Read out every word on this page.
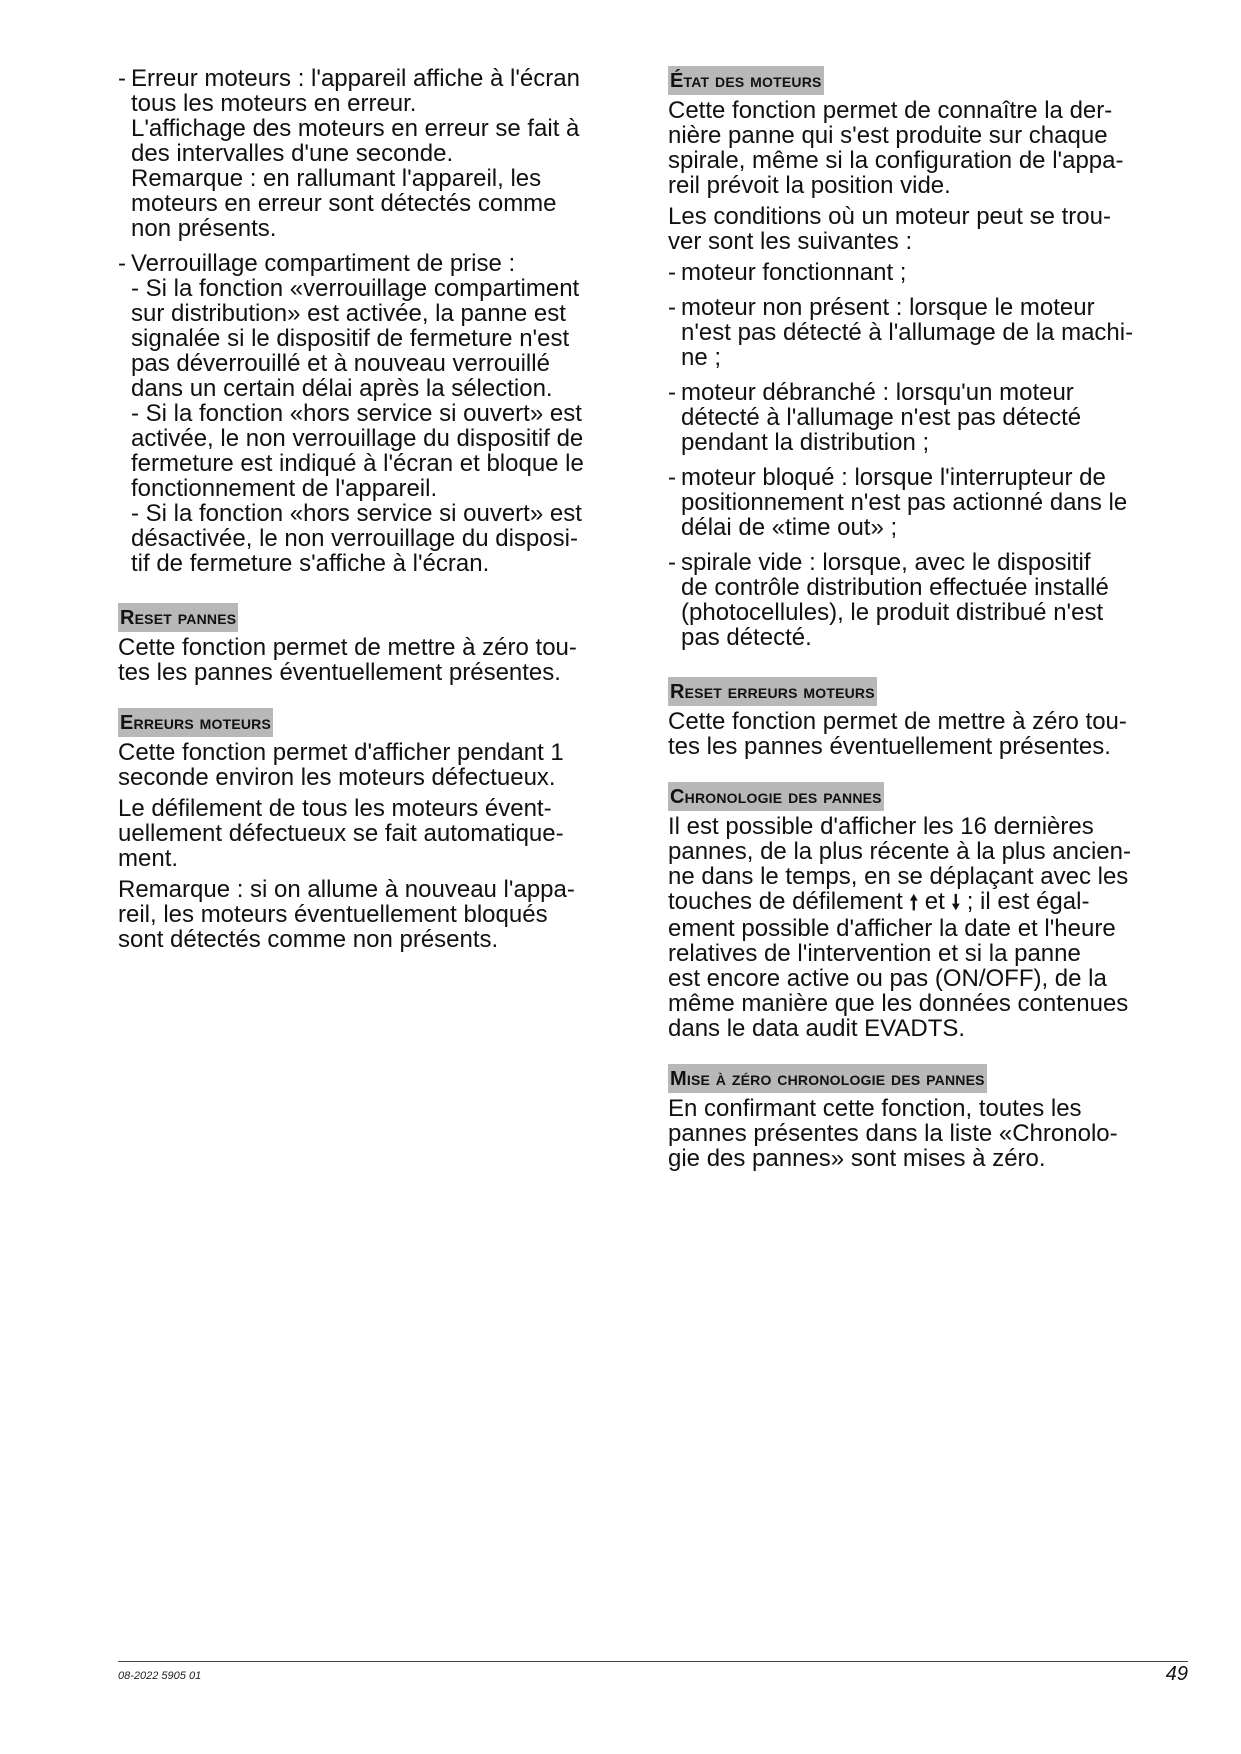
- Erreur moteurs : l'appareil affiche à l'écran
tous les moteurs en erreur.
L'affichage des moteurs en erreur se fait à
des intervalles d'une seconde.
Remarque : en rallumant l'appareil, les
moteurs en erreur sont détectés comme
non présents.
- Verrouillage compartiment de prise :
- Si la fonction «verrouillage compartiment
sur distribution» est activée, la panne est
signalée si le dispositif de fermeture n'est
pas déverrouillé et à nouveau verrouillé
dans un certain délai après la sélection.
- Si la fonction «hors service si ouvert» est
activée, le non verrouillage du dispositif de
fermeture est indiqué à l'écran et bloque le
fonctionnement de l'appareil.
- Si la fonction «hors service si ouvert» est
désactivée, le non verrouillage du disposi-
tif de fermeture s'affiche à l'écran.
Reset pannes
Cette fonction permet de mettre à zéro tou-
tes les pannes éventuellement présentes.
Erreurs moteurs
Cette fonction permet d'afficher pendant 1
seconde environ les moteurs défectueux.
Le défilement de tous les moteurs évent-
uellement défectueux se fait automatique-
ment.
Remarque : si on allume à nouveau l'appa-
reil, les moteurs éventuellement bloqués
sont détectés comme non présents.
État des moteurs
Cette fonction permet de connaître la der-
nière panne qui s'est produite sur chaque
spirale, même si la configuration de l'appa-
reil prévoit la position vide.
Les conditions où un moteur peut se trou-
ver sont les suivantes :
- moteur fonctionnant ;
- moteur non présent : lorsque le moteur
n'est pas détecté à l'allumage de la machi-
ne ;
- moteur débranché : lorsqu'un moteur
détecté à l'allumage n'est pas détecté
pendant la distribution ;
- moteur bloqué : lorsque l'interrupteur de
positionnement n'est pas actionné dans le
délai de «time out» ;
- spirale vide : lorsque, avec le dispositif
de contrôle distribution effectuée installé
(photocellules), le produit distribué n'est
pas détecté.
Reset erreurs moteurs
Cette fonction permet de mettre à zéro tou-
tes les pannes éventuellement présentes.
Chronologie des pannes
Il est possible d'afficher les 16 dernières
pannes, de la plus récente à la plus ancien-
ne dans le temps, en se déplaçant avec les
touches de défilement 🠕 et 🠗 ; il est égal-
ement possible d'afficher la date et l'heure
relatives de l'intervention et si la panne
est encore active ou pas (ON/OFF), de la
même manière que les données contenues
dans le data audit EVADTS.
Mise à zéro chronologie des pannes
En confirmant cette fonction, toutes les
pannes présentes dans la liste «Chronolo-
gie des pannes» sont mises à zéro.
08-2022 5905 01	49
